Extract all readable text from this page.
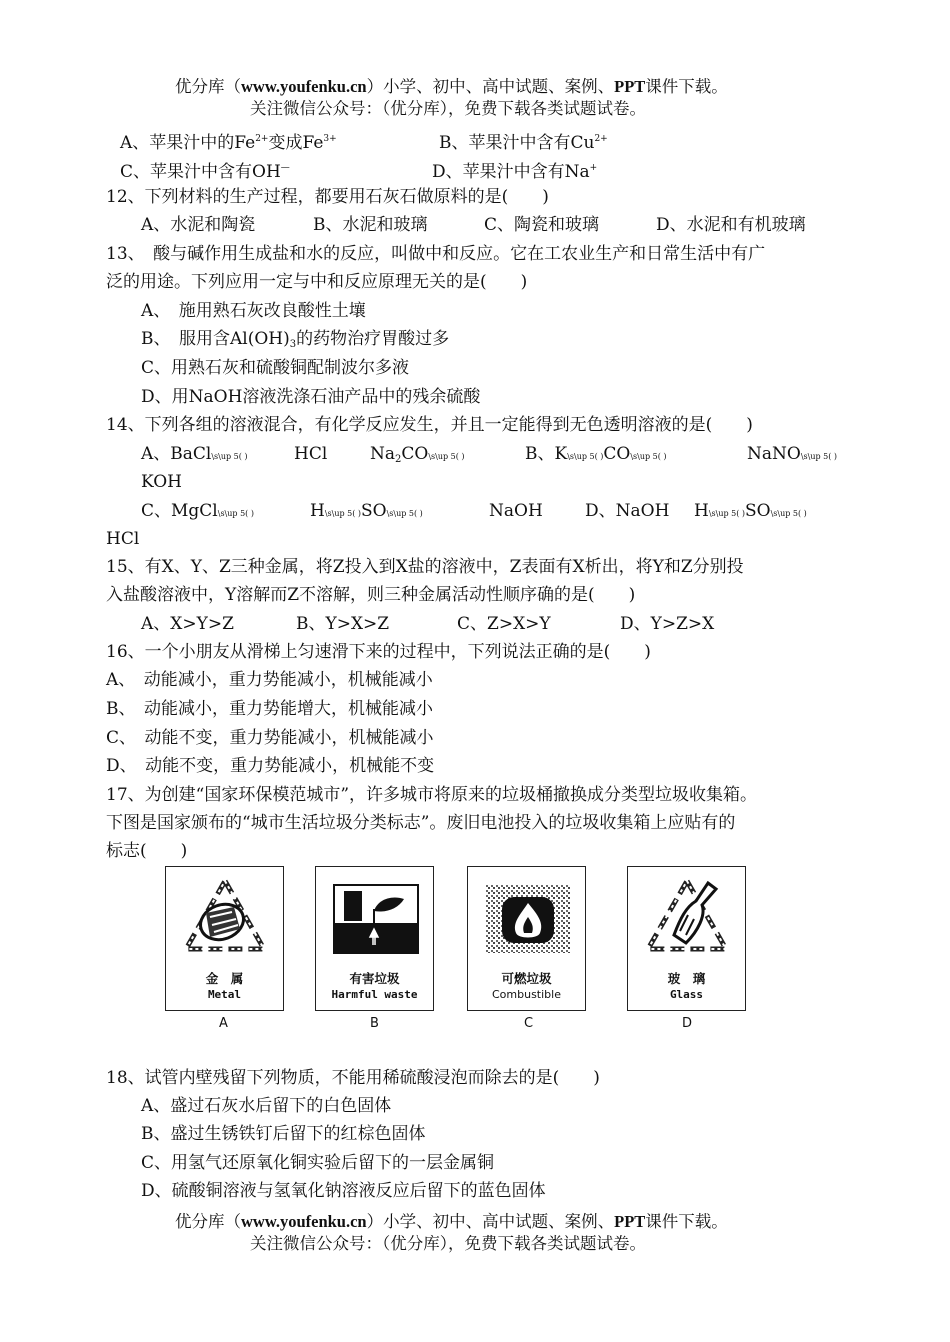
优分库（www.youfenku.cn）小学、初中、高中试题、案例、PPT课件下载。
关注微信公众号：（优分库），免费下载各类试题试卷。
A、苹果汁中的$Fe^{2+}$变成$Fe^{3+}$	B、苹果汁中含有$Cu^{2+}$
C、苹果汁中含有OH—	D、苹果汁中含有Na+
12、下列材料的生产过程，都要用石灰石做原料的是(　　)
A、水泥和陶瓷	B、水泥和玻璃	C、陶瓷和玻璃	D、水泥和有机玻璃
13、　酸与碱作用生成盐和水的反应，叫做中和反应。它在工农业生产和日常生活中有广
泛的用途。下列应用一定与中和反应原理无关的是(　　)
A、　施用熟石灰改良酸性土壤
B、　服用含$Al(OH)_3$的药物治疗胃酸过多
C、用熟石灰和硫酸铜配制波尔多液
D、用NaOH溶液洗涤石油产品中的残余硫酸
14、下列各组的溶液混合，有化学反应发生，并且一定能得到无色透明溶液的是(　　)
A、BaCl\s\up 5( )	HCl	$Na_2CO\backslash s\backslash up$ 5( )	B、K\s\up 5( )CO\s\up 5( )	NaNO\s\up 5( )
KOH
C、MgCl\s\up 5( )	H\s\up 5( )SO\s\up 5( )	NaOH D、NaOH H\s\up 5( )SO\s\up 5( )
HCl
15、有X、Y、Z三种金属，将Z投入到X盐的溶液中，Z表面有X析出，将Y和Z分别投
入盐酸溶液中，Y溶解而Z不溶解，则三种金属活动性顺序确的是(　　)
A、X>Y>Z	B、Y>X>Z	C、Z>X>Y	D、Y>Z>X
16、一个小朋友从滑梯上匀速滑下来的过程中，下列说法正确的是(　　)
A、　动能减小，重力势能减小，机械能减小
B、　动能减小，重力势能增大，机械能减小
C、　动能不变，重力势能减小，机械能减小
D、　动能不变，重力势能减小，机械能不变
17、为创建“国家环保模范城市”，许多城市将原来的垃圾桶撤换成分类型垃圾收集箱。
下图是国家颁布的“城市生活垃圾分类标志”。废旧电池投入的垃圾收集箱上应贴有的
标志(　　)
金　属
Metal
A
有害垃圾
Harmful waste
B
可燃垃圾
Combustible
C
玻　璃
Glass
D
18、试管内壁残留下列物质，不能用稀硫酸浸泡而除去的是(　　)
A、盛过石灰水后留下的白色固体
B、盛过生锈铁钉后留下的红棕色固体
C、用氢气还原氧化铜实验后留下的一层金属铜
D、硫酸铜溶液与氢氧化钠溶液反应后留下的蓝色固体
优分库（www.youfenku.cn）小学、初中、高中试题、案例、PPT课件下载。
关注微信公众号：（优分库），免费下载各类试题试卷。
